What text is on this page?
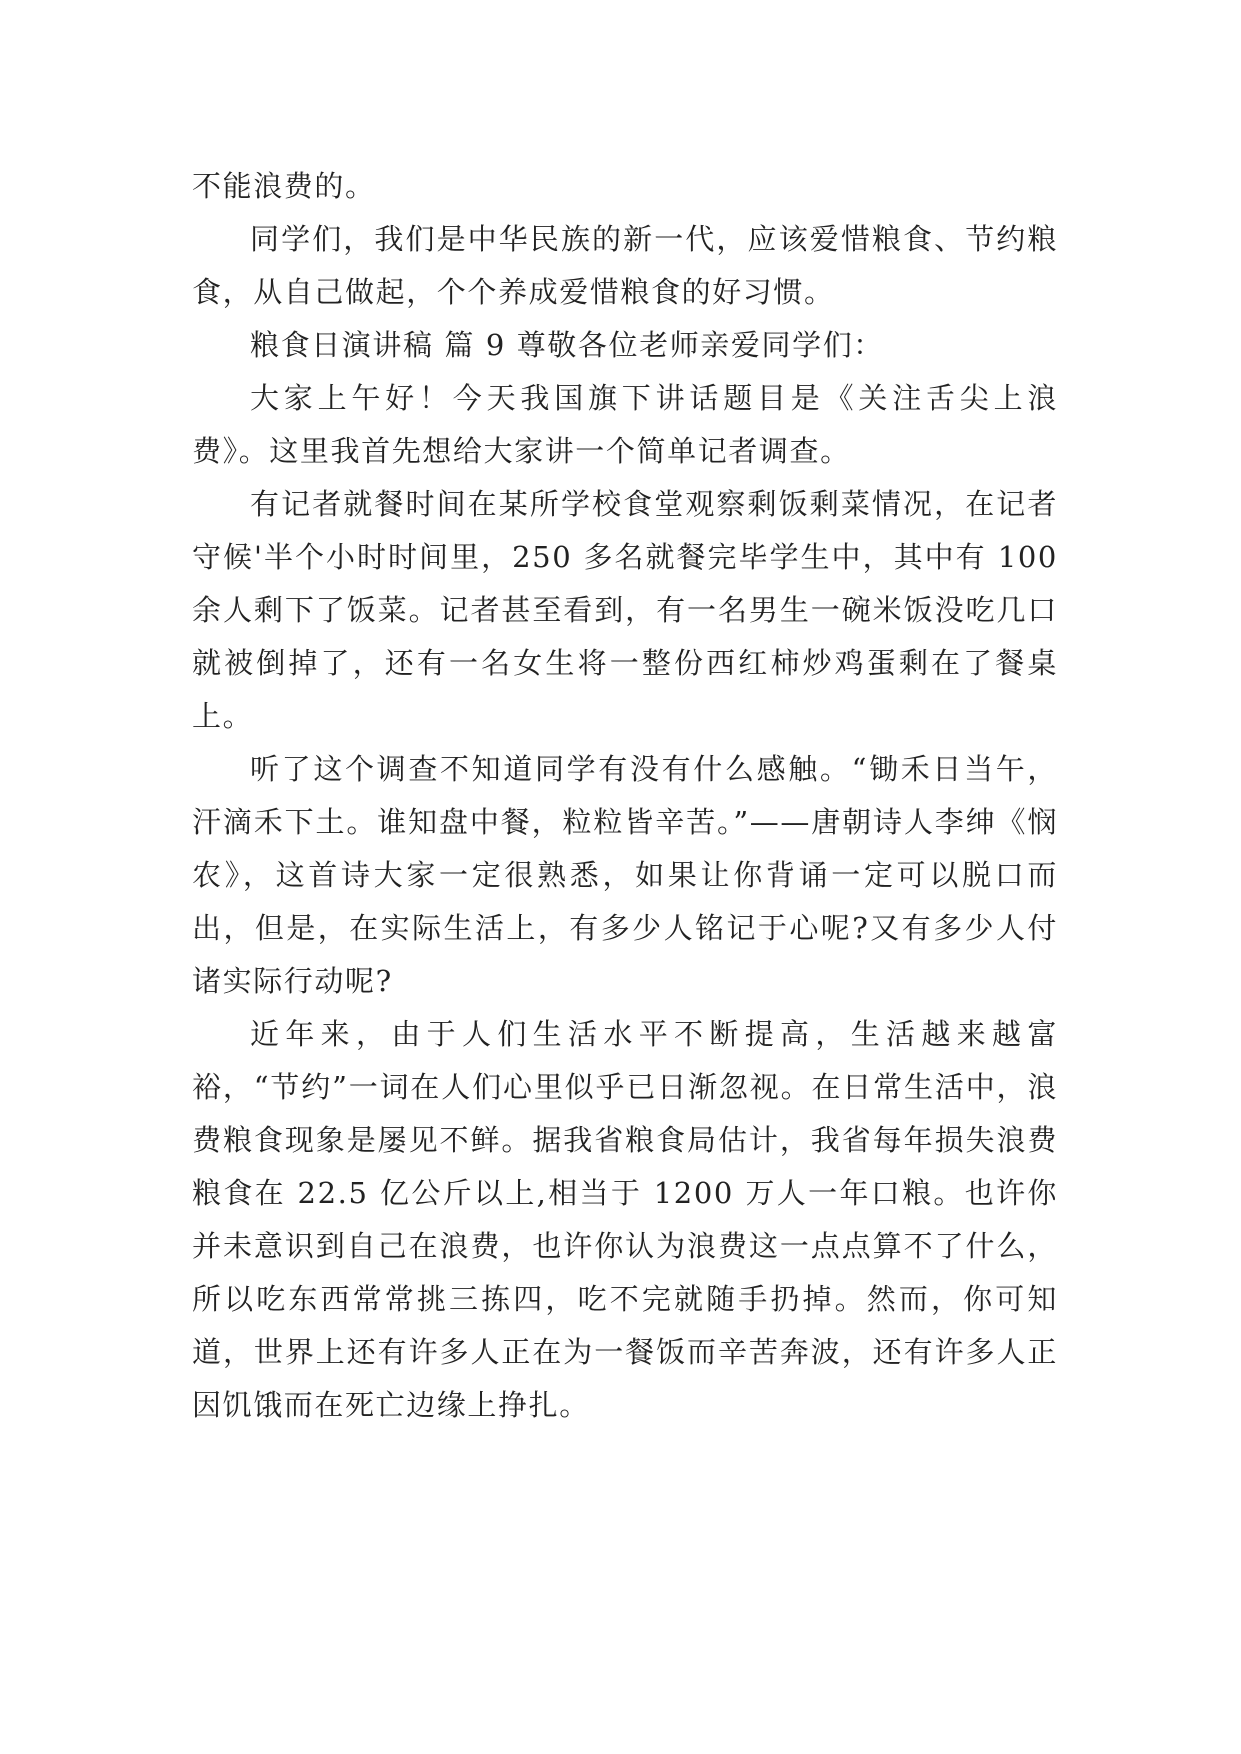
不能浪费的。

同学们，我们是中华民族的新一代，应该爱惜粮食、节约粮食，从自己做起，个个养成爱惜粮食的好习惯。

粮食日演讲稿 篇 9 尊敬各位老师亲爱同学们：

大家上午好！今天我国旗下讲话题目是《关注舌尖上浪费》。这里我首先想给大家讲一个简单记者调查。

有记者就餐时间在某所学校食堂观察剩饭剩菜情况，在记者守候'半个小时时间里，250 多名就餐完毕学生中，其中有 100 余人剩下了饭菜。记者甚至看到，有一名男生一碗米饭没吃几口就被倒掉了，还有一名女生将一整份西红柿炒鸡蛋剩在了餐桌上。

听了这个调查不知道同学有没有什么感触。“锄禾日当午，汗滴禾下土。谁知盘中餐，粒粒皆辛苦。”——唐朝诗人李绅《悯农》，这首诗大家一定很熟悉，如果让你背诵一定可以脱口而出，但是，在实际生活上，有多少人铭记于心呢?又有多少人付诸实际行动呢?

近年来，由于人们生活水平不断提高，生活越来越富裕，“节约”一词在人们心里似乎已日渐忽视。在日常生活中，浪费粮食现象是屡见不鲜。据我省粮食局估计，我省每年损失浪费粮食在 22.5 亿公斤以上,相当于 1200 万人一年口粮。也许你并未意识到自己在浪费，也许你认为浪费这一点点算不了什么，所以吃东西常常挑三拣四，吃不完就随手扔掉。然而，你可知道，世界上还有许多人正在为一餐饭而辛苦奔波，还有许多人正因饥饿而在死亡边缘上挣扎。
